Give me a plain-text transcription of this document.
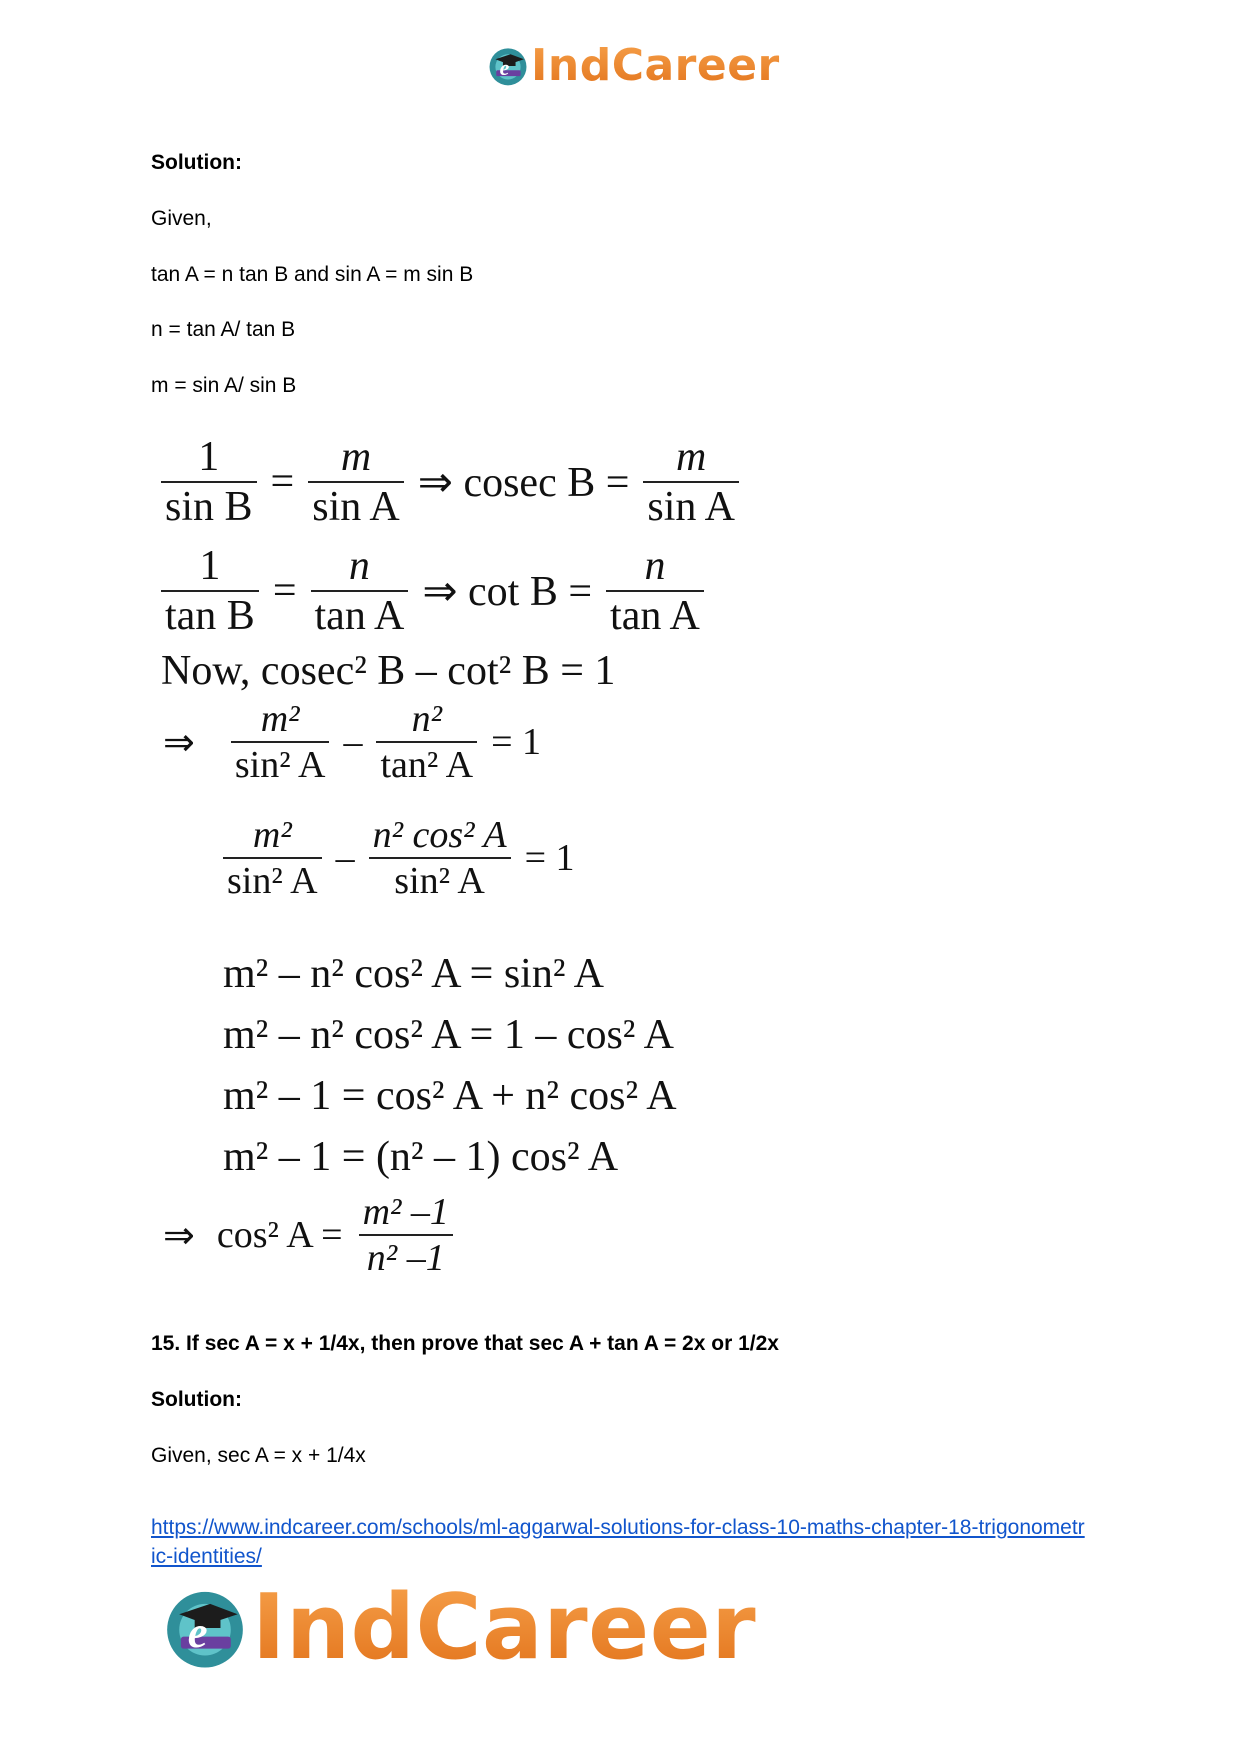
e IndCareer

Solution:

Given,

tan A = n tan B and sin A = m sin B

n = tan A/ tan B

m = sin A/ sin B

$\frac{1}{\text{sin B}} = \frac{m}{\text{sin A}}$ ⇒ cosec $B = \frac{m}{\text{sin A}}$
$\frac{1}{\text{tan B}} = \frac{n}{\text{tan A}}$ ⇒ $\cot B = \frac{n}{\text{tan A}}$
Now, cosec² B – cot² B = 1
⇒ $\frac{\text{m²}}{\text{sin² A}} - \frac{\text{n²}}{\text{tan² A}} = 1$
$\frac{\text{m²}}{\text{sin² A}} - \frac{\text{n² cos² A}}{\text{sin² A}} = 1$
m² – n² cos² A = sin² A
m² – n² cos² A = 1 – cos² A
m² – 1 = cos² A + n² cos² A
m² – 1 = (n² – 1) cos² A
⇒ cos² $A = \frac{\text{m² –1}}{\text{n² –1}}$

15. If sec A = x + 1/4x, then prove that sec A + tan A = 2x or 1/2x

Solution:

Given, sec A = x + 1/4x

https://www.indcareer.com/schools/ml-aggarwal-solutions-for-class-10-maths-chapter-18-trigonometric-identities/

e IndCareer
